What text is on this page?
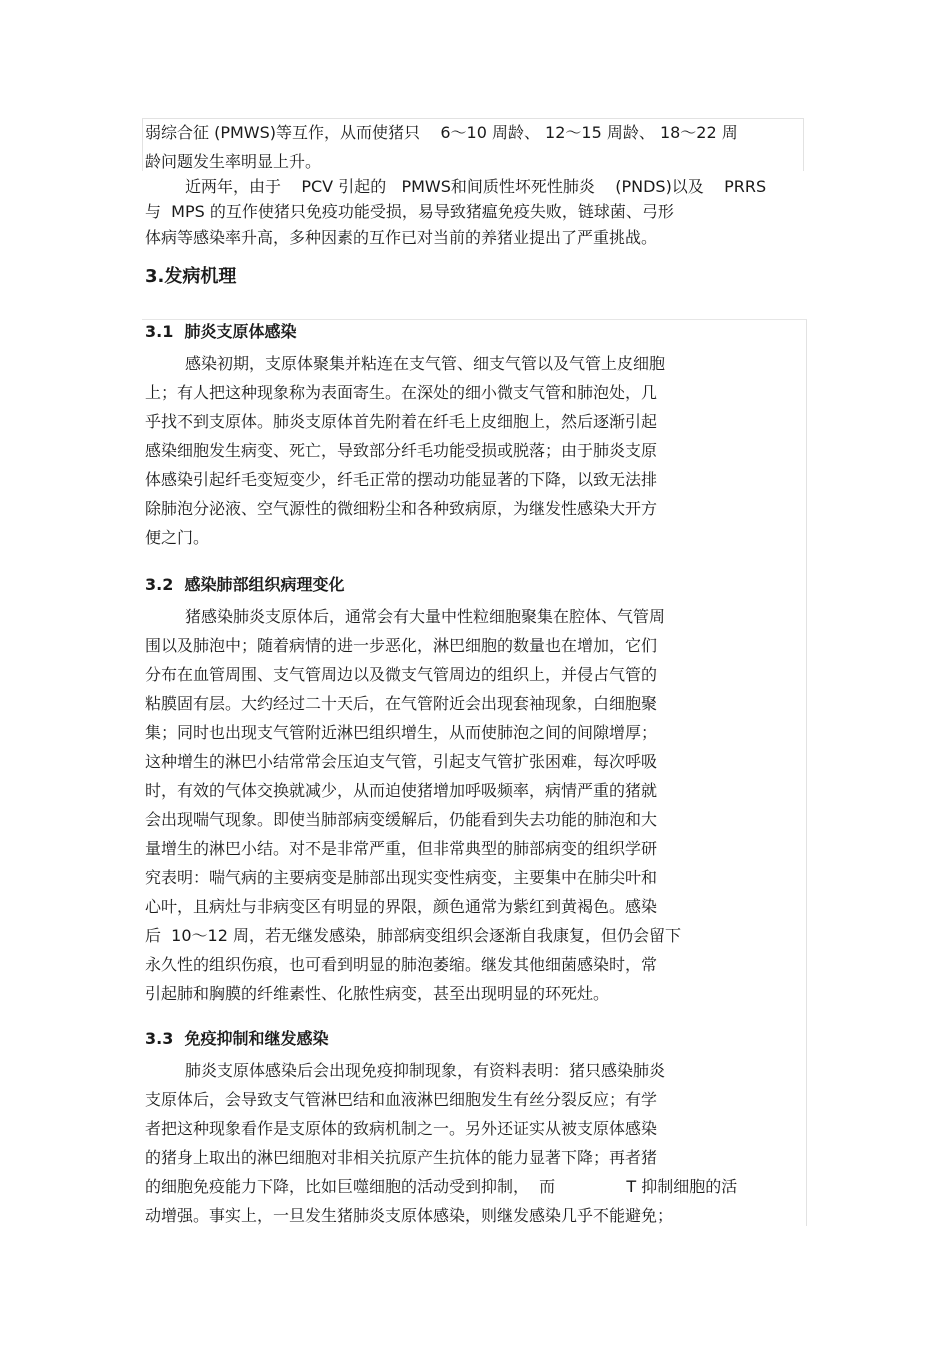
弱综合征 (PMWS)等互作，从而使猪只    6～10 周龄、 12～15 周龄、 18～22 周

龄问题发生率明显上升。

近两年，由于    PCV 引起的   PMWS和间质性坏死性肺炎    (PNDS)以及    PRRS

与  MPS 的互作使猪只免疫功能受损，易导致猪瘟免疫失败，链球菌、弓形

体病等感染率升高，多种因素的互作已对当前的养猪业提出了严重挑战。

3.发病机理
3.1  肺炎支原体感染

感染初期，支原体聚集并粘连在支气管、细支气管以及气管上皮细胞

上；有人把这种现象称为表面寄生。在深处的细小微支气管和肺泡处，几

乎找不到支原体。肺炎支原体首先附着在纤毛上皮细胞上，然后逐渐引起

感染细胞发生病变、死亡，导致部分纤毛功能受损或脱落；由于肺炎支原

体感染引起纤毛变短变少，纤毛正常的摆动功能显著的下降，以致无法排

除肺泡分泌液、空气源性的微细粉尘和各种致病原，为继发性感染大开方

便之门。

3.2  感染肺部组织病理变化

猪感染肺炎支原体后，通常会有大量中性粒细胞聚集在腔体、气管周

围以及肺泡中；随着病情的进一步恶化，淋巴细胞的数量也在增加，它们

分布在血管周围、支气管周边以及微支气管周边的组织上，并侵占气管的

粘膜固有层。大约经过二十天后，在气管附近会出现套袖现象，白细胞聚

集；同时也出现支气管附近淋巴组织增生，从而使肺泡之间的间隙增厚；

这种增生的淋巴小结常常会压迫支气管，引起支气管扩张困难，每次呼吸

时，有效的气体交换就减少，从而迫使猪增加呼吸频率，病情严重的猪就

会出现喘气现象。即使当肺部病变缓解后，仍能看到失去功能的肺泡和大

量增生的淋巴小结。对不是非常严重，但非常典型的肺部病变的组织学研

究表明：喘气病的主要病变是肺部出现实变性病变，主要集中在肺尖叶和

心叶，且病灶与非病变区有明显的界限，颜色通常为紫红到黄褐色。感染

后  10～12 周，若无继发感染，肺部病变组织会逐渐自我康复，但仍会留下

永久性的组织伤痕，也可看到明显的肺泡萎缩。继发其他细菌感染时，常

引起肺和胸膜的纤维素性、化脓性病变，甚至出现明显的环死灶。

3.3  免疫抑制和继发感染

肺炎支原体感染后会出现免疫抑制现象，有资料表明：猪只感染肺炎

支原体后，会导致支气管淋巴结和血液淋巴细胞发生有丝分裂反应；有学

者把这种现象看作是支原体的致病机制之一。另外还证实从被支原体感染

的猪身上取出的淋巴细胞对非相关抗原产生抗体的能力显著下降；再者猪

的细胞免疫能力下降，比如巨噬细胞的活动受到抑制，  而              T 抑制细胞的活

动增强。事实上，一旦发生猪肺炎支原体感染，则继发感染几乎不能避免；
